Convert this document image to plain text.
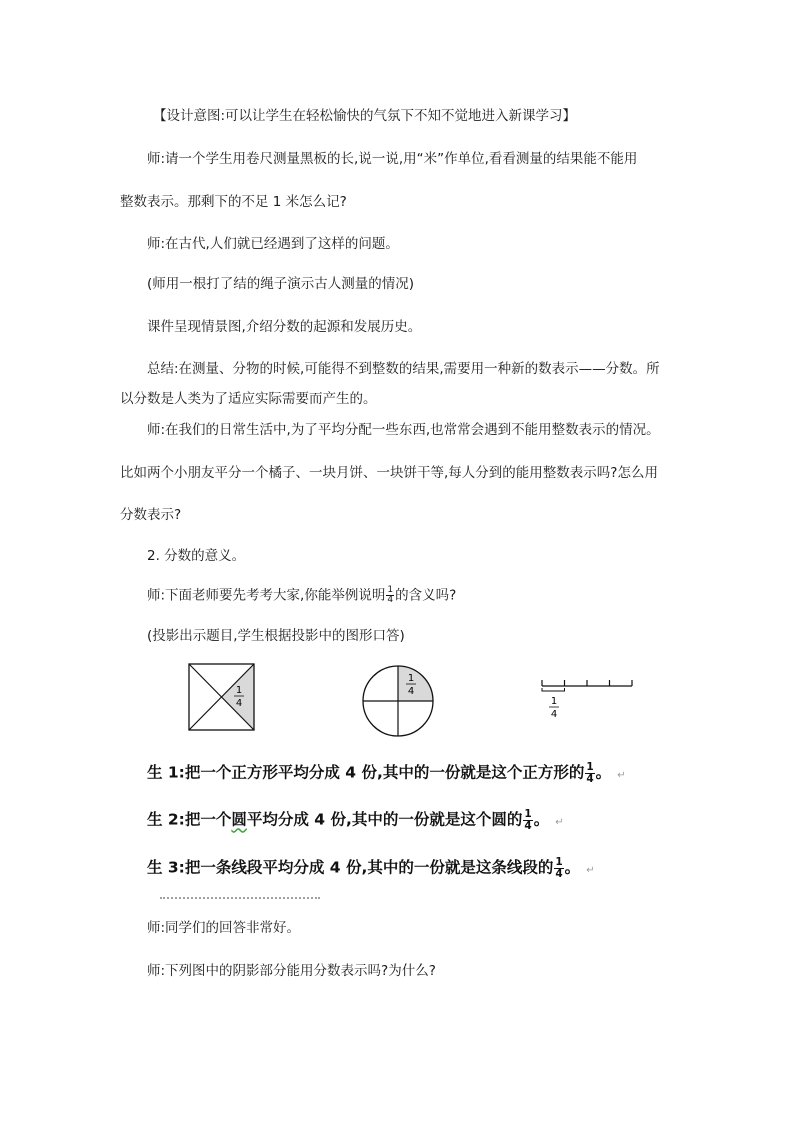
【设计意图:可以让学生在轻松愉快的气氛下不知不觉地进入新课学习】
师:请一个学生用卷尺测量黑板的长,说一说,用“米”作单位,看看测量的结果能不能用
整数表示。那剩下的不足 1 米怎么记?
师:在古代,人们就已经遇到了这样的问题。
(师用一根打了结的绳子演示古人测量的情况)
课件呈现情景图,介绍分数的起源和发展历史。
总结:在测量、分物的时候,可能得不到整数的结果,需要用一种新的数表示——分数。所
以分数是人类为了适应实际需要而产生的。
师:在我们的日常生活中,为了平均分配一些东西,也常常会遇到不能用整数表示的情况。
比如两个小朋友平分一个橘子、一块月饼、一块饼干等,每人分到的能用整数表示吗?怎么用
分数表示?
2. 分数的意义。
师:下面老师要先考考大家,你能举例说明 $\frac{1}{4}$ 的含义吗?
(投影出示题目,学生根据投影中的图形口答)
1
4
1
4
1
4
生 1:把一个正方形平均分成 4 份,其中的一份就是这个正方形的 $\frac{1}{4}$ 。 ↵
生 2:把一个圆平均分成 4 份,其中的一份就是这个圆的 $\frac{1}{4}$ 。 ↵
生 3:把一条线段平均分成 4 份,其中的一份就是这条线段的 $\frac{1}{4}$ 。 ↵
师:同学们的回答非常好。
师:下列图中的阴影部分能用分数表示吗?为什么?
